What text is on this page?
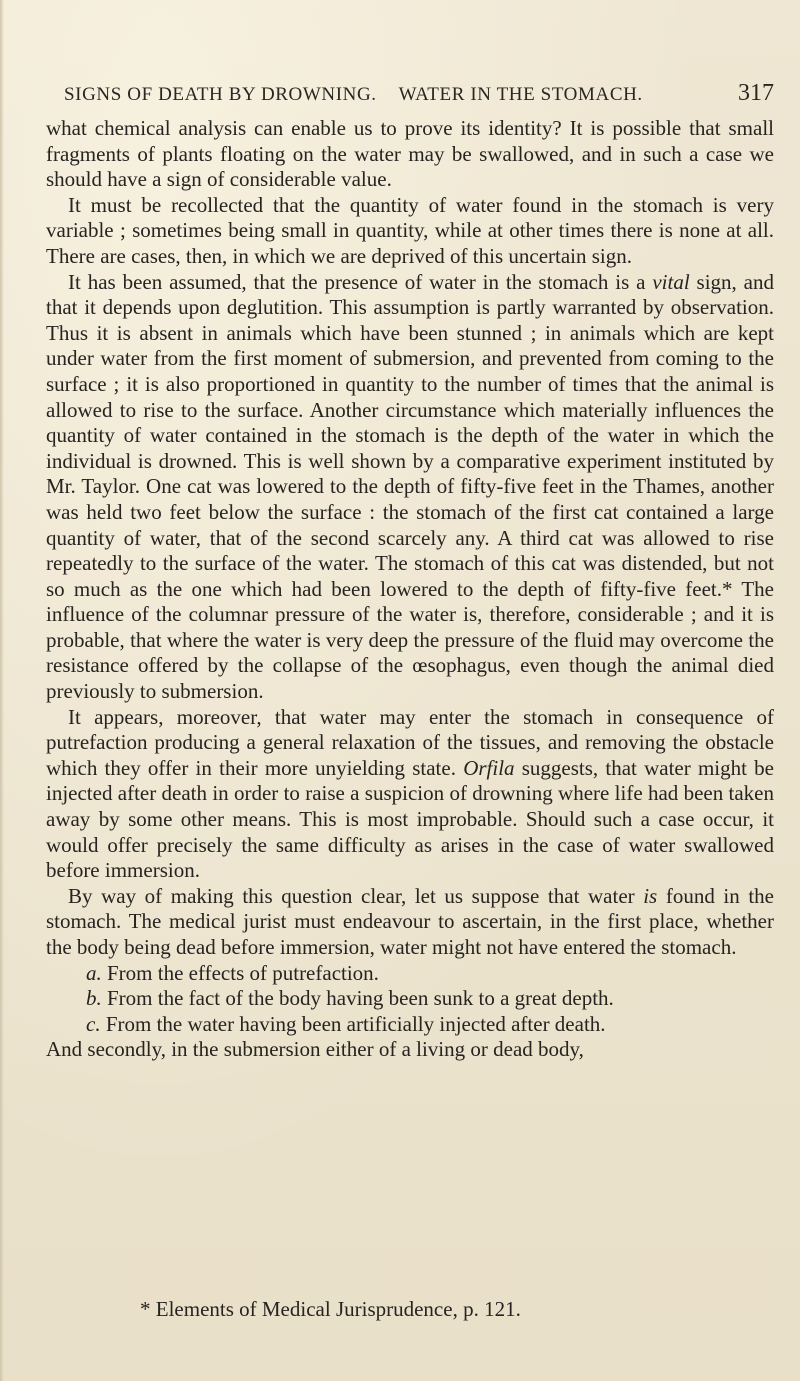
SIGNS OF DEATH BY DROWNING. WATER IN THE STOMACH.	317

what chemical analysis can enable us to prove its identity? It is possible that small fragments of plants floating on the water may be swallowed, and in such a case we should have a sign of considerable value.

It must be recollected that the quantity of water found in the stomach is very variable ; sometimes being small in quantity, while at other times there is none at all. There are cases, then, in which we are deprived of this uncertain sign.

It has been assumed, that the presence of water in the stomach is a vital sign, and that it depends upon deglutition. This assumption is partly warranted by observation. Thus it is absent in animals which have been stunned ; in animals which are kept under water from the first moment of submersion, and prevented from coming to the surface ; it is also proportioned in quantity to the number of times that the animal is allowed to rise to the surface. Another circumstance which materially influences the quantity of water contained in the stomach is the depth of the water in which the individual is drowned. This is well shown by a comparative experiment instituted by Mr. Taylor. One cat was lowered to the depth of fifty-five feet in the Thames, another was held two feet below the surface : the stomach of the first cat contained a large quantity of water, that of the second scarcely any. A third cat was allowed to rise repeatedly to the surface of the water. The stomach of this cat was distended, but not so much as the one which had been lowered to the depth of fifty-five feet.* The influence of the columnar pressure of the water is, therefore, considerable ; and it is probable, that where the water is very deep the pressure of the fluid may overcome the resistance offered by the collapse of the œsophagus, even though the animal died previously to submersion.

It appears, moreover, that water may enter the stomach in consequence of putrefaction producing a general relaxation of the tissues, and removing the obstacle which they offer in their more unyielding state. Orfila suggests, that water might be injected after death in order to raise a suspicion of drowning where life had been taken away by some other means. This is most improbable. Should such a case occur, it would offer precisely the same difficulty as arises in the case of water swallowed before immersion.

By way of making this question clear, let us suppose that water is found in the stomach. The medical jurist must endeavour to ascertain, in the first place, whether the body being dead before immersion, water might not have entered the stomach.

a. From the effects of putrefaction.

b. From the fact of the body having been sunk to a great depth.

c. From the water having been artificially injected after death.

And secondly, in the submersion either of a living or dead body,

* Elements of Medical Jurisprudence, p. 121.
